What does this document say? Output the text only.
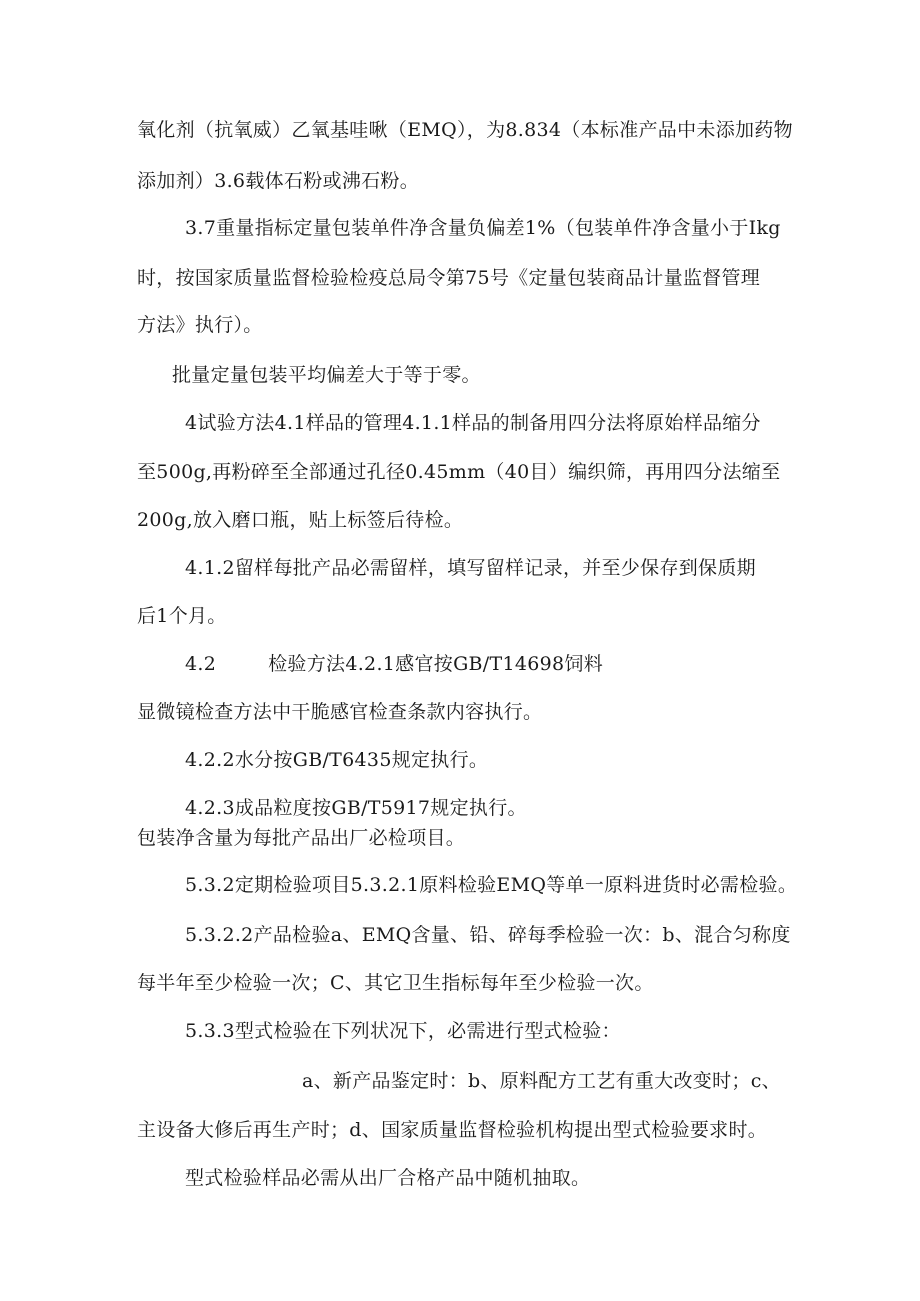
氧化剂（抗氧威）乙氧基哇啾（EMQ），为8.834（本标准产品中未添加药物
添加剂）3.6载体石粉或沸石粉。
3.7重量指标定量包装单件净含量负偏差1%（包装单件净含量小于Ikg
时，按国家质量监督检验检疫总局令第75号《定量包装商品计量监督管理
方法》执行）。
批量定量包装平均偏差大于等于零。
4试验方法4.1样品的管理4.1.1样品的制备用四分法将原始样品缩分
至500g,再粉碎至全部通过孔径0.45mm（40目）编织筛，再用四分法缩至
200g,放入磨口瓶，贴上标签后待检。
4.1.2留样每批产品必需留样，填写留样记录，并至少保存到保质期
后1个月。
4.2	检验方法4.2.1感官按GB/T14698饲料
显微镜检查方法中干脆感官检查条款内容执行。
4.2.2水分按GB/T6435规定执行。
4.2.3成品粒度按GB/T5917规定执行。
包装净含量为每批产品出厂必检项目。
5.3.2定期检验项目5.3.2.1原料检验EMQ等单一原料进货时必需检验。
5.3.2.2产品检验a、EMQ含量、铅、碎每季检验一次：b、混合匀称度
每半年至少检验一次；C、其它卫生指标每年至少检验一次。
5.3.3型式检验在下列状况下，必需进行型式检验：
a、新产品鉴定时：b、原料配方工艺有重大改变时；c、
主设备大修后再生产时；d、国家质量监督检验机构提出型式检验要求时。
型式检验样品必需从出厂合格产品中随机抽取。
